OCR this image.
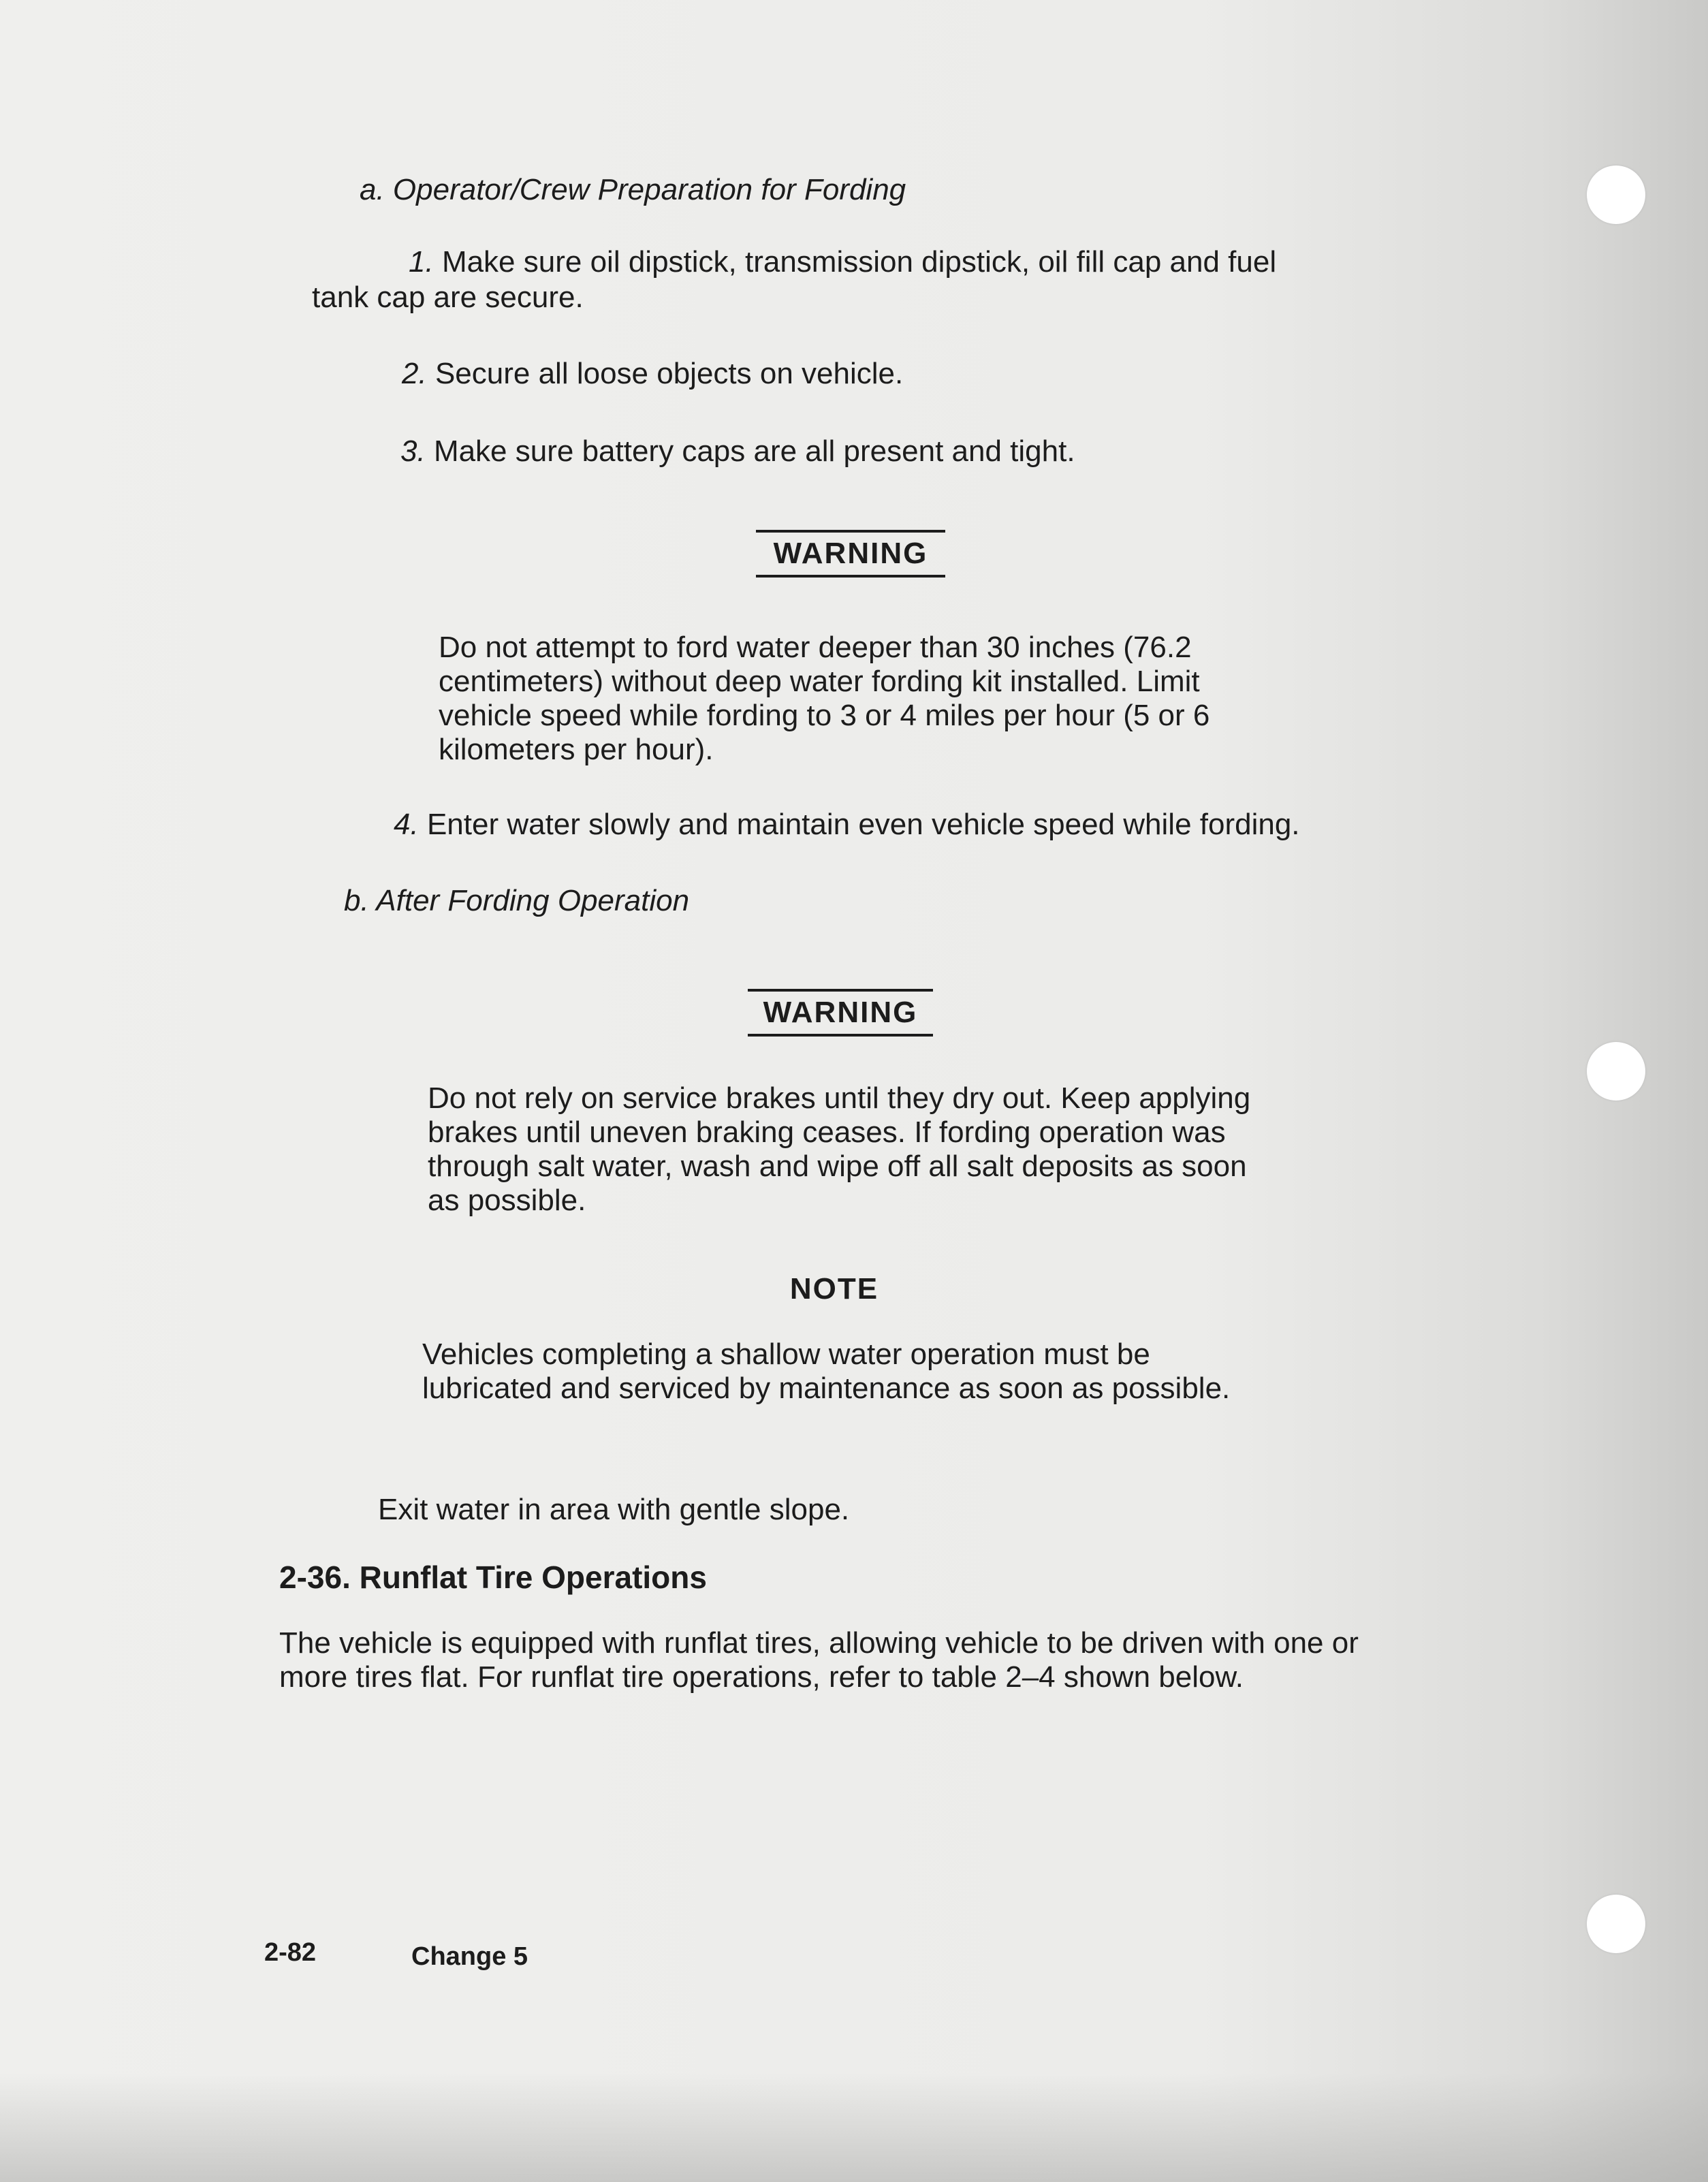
a. Operator/Crew Preparation for Fording
1. Make sure oil dipstick, transmission dipstick, oil fill cap and fuel
tank cap are secure.
2. Secure all loose objects on vehicle.
3. Make sure battery caps are all present and tight.
WARNING
Do not attempt to ford water deeper than 30 inches (76.2 centimeters) without deep water fording kit installed. Limit vehicle speed while fording to 3 or 4 miles per hour (5 or 6 kilometers per hour).
4. Enter water slowly and maintain even vehicle speed while fording.
b. After Fording Operation
WARNING
Do not rely on service brakes until they dry out. Keep applying brakes until uneven braking ceases. If fording operation was through salt water, wash and wipe off all salt deposits as soon as possible.
NOTE
Vehicles completing a shallow water operation must be lubricated and serviced by maintenance as soon as possible.
Exit water in area with gentle slope.
2-36. Runflat Tire Operations
The vehicle is equipped with runflat tires, allowing vehicle to be driven with one or more tires flat. For runflat tire operations, refer to table 2–4 shown below.
2-82	Change 5
